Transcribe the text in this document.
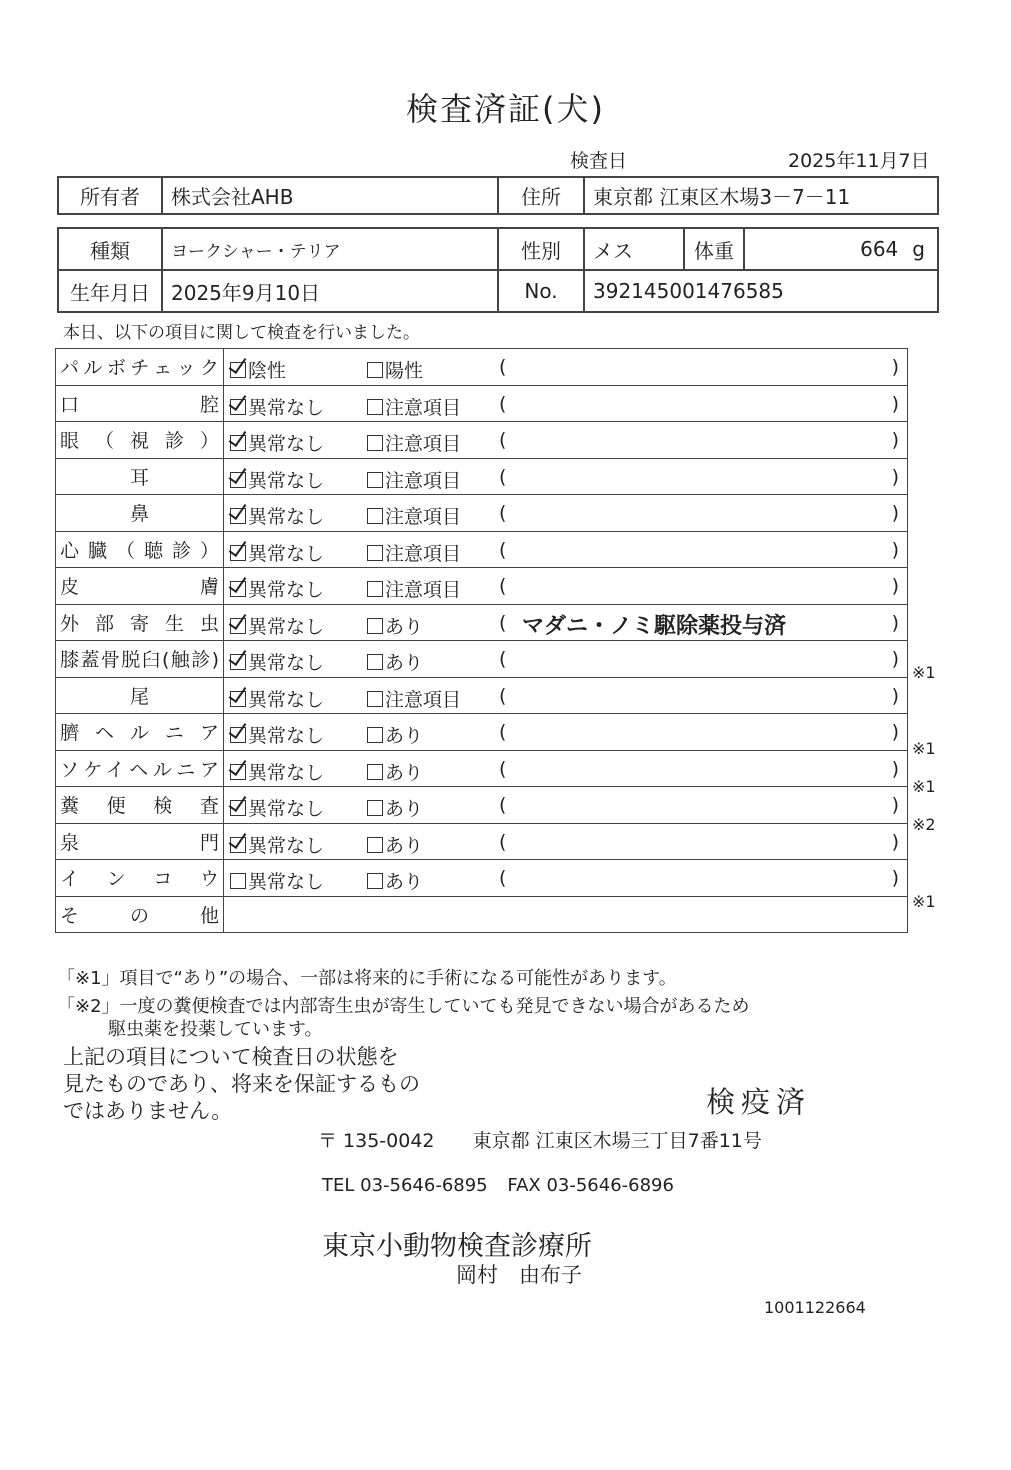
検査済証(犬)
検査日	2025年11月7日
所有者	株式会社AHB	住所	東京都 江東区木場3－7－11
種類	ヨークシャー・テリア	性別	メス	体重	664 g

生年月日	2025年9月10日	No.	392145001476585		
本日、以下の項目に関して検査を行いました。
パルボチェック	陰性 陽性 ( )

口腔	異常なし 注意項目 ( )

眼（視診）	異常なし 注意項目 ( )

耳	異常なし 注意項目 ( )

鼻	異常なし 注意項目 ( )

心臓（聴診）	異常なし 注意項目 ( )

皮膚	異常なし 注意項目 ( )

外部寄生虫	異常なし あり ( マダニ・ノミ駆除薬投与済 )

膝蓋骨脱臼(触診)	異常なし あり ( )

尾	異常なし 注意項目 ( )

臍ヘルニア	異常なし あり ( )

ソケイヘルニア	異常なし あり ( )

糞便検査	異常なし あり ( )

泉門	異常なし あり ( )

インコウ	異常なし あり ( )

その他	
※1
※1
※1
※2
※1
「※1」項目で“あり”の場合、一部は将来的に手術になる可能性があります。
「※2」一度の糞便検査では内部寄生虫が寄生していても発見できない場合があるため
駆虫薬を投薬しています。
上記の項目について検査日の状態を
見たものであり、将来を保証するもの
ではありません。	検疫済
〒 135-0042 東京都 江東区木場三丁目7番11号
TEL 03-5646-6895 FAX 03-5646-6896
東京小動物検査診療所
岡村　由布子
1001122664
